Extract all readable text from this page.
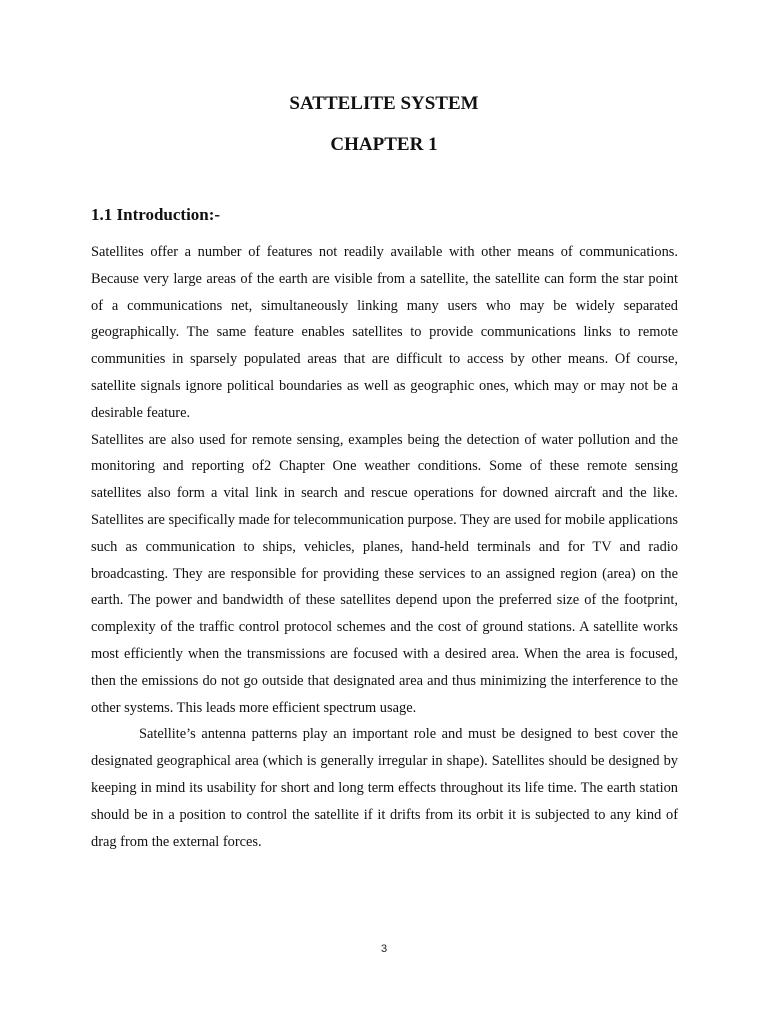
SATTELITE SYSTEM
CHAPTER 1
1.1 Introduction:-

Satellites offer a number of features not readily available with other means of communications. Because very large areas of the earth are visible from a satellite, the satellite can form the star point of a communications net, simultaneously linking many users who may be widely separated geographically. The same feature enables satellites to provide communications links to remote communities in sparsely populated areas that are difficult to access by other means. Of course, satellite signals ignore political boundaries as well as geographic ones, which may or may not be a desirable feature.

Satellites are also used for remote sensing, examples being the detection of water pollution and the monitoring and reporting of2 Chapter One weather conditions. Some of these remote sensing satellites also form a vital link in search and rescue operations for downed aircraft and the like. Satellites are specifically made for telecommunication purpose. They are used for mobile applications such as communication to ships, vehicles, planes, hand-held terminals and for TV and radio broadcasting. They are responsible for providing these services to an assigned region (area) on the earth. The power and bandwidth of these satellites depend upon the preferred size of the footprint, complexity of the traffic control protocol schemes and the cost of ground stations. A satellite works most efficiently when the transmissions are focused with a desired area. When the area is focused, then the emissions do not go outside that designated area and thus minimizing the interference to the other systems. This leads more efficient spectrum usage.

Satellite’s antenna patterns play an important role and must be designed to best cover the designated geographical area (which is generally irregular in shape). Satellites should be designed by keeping in mind its usability for short and long term effects throughout its life time. The earth station should be in a position to control the satellite if it drifts from its orbit it is subjected to any kind of drag from the external forces.

3
